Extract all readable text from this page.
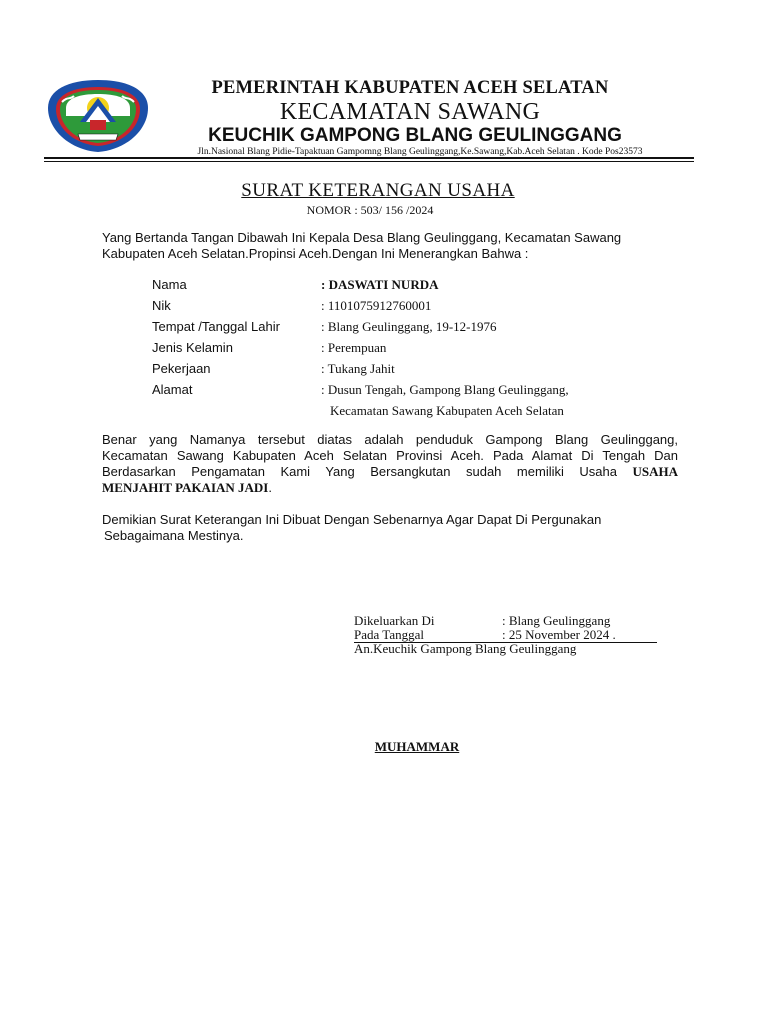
PEMERINTAH KABUPATEN ACEH SELATAN
KECAMATAN SAWANG
KEUCHIK GAMPONG BLANG GEULINGGANG
Jln.Nasional Blang Pidie-Tapaktuan Gampomng Blang Geulinggang,Ke.Sawang,Kab.Aceh Selatan . Kode Pos23573
SURAT KETERANGAN USAHA
NOMOR : 503/ 156 /2024
Yang Bertanda Tangan Dibawah Ini Kepala Desa Blang Geulinggang, Kecamatan Sawang
Kabupaten Aceh Selatan.Propinsi Aceh.Dengan Ini Menerangkan Bahwa :
Nama	: DASWATI NURDA
Nik	: 1101075912760001
Tempat /Tanggal Lahir	: Blang Geulinggang, 19-12-1976
Jenis Kelamin	: Perempuan
Pekerjaan	: Tukang Jahit
Alamat	: Dusun Tengah, Gampong Blang Geulinggang,
Kecamatan Sawang Kabupaten Aceh Selatan
Benar yang Namanya tersebut diatas adalah penduduk Gampong Blang Geulinggang,
Kecamatan Sawang Kabupaten Aceh Selatan Provinsi Aceh. Pada Alamat Di Tengah Dan
Berdasarkan Pengamatan Kami Yang Bersangkutan sudah memiliki Usaha USAHA
MENJAHIT PAKAIAN JADI.
Demikian Surat Keterangan Ini Dibuat Dengan Sebenarnya Agar Dapat Di Pergunakan
Sebagaimana Mestinya.
Dikeluarkan Di	: Blang Geulinggang
Pada Tanggal	: 25 November 2024 .
An.Keuchik Gampong Blang Geulinggang
MUHAMMAR
